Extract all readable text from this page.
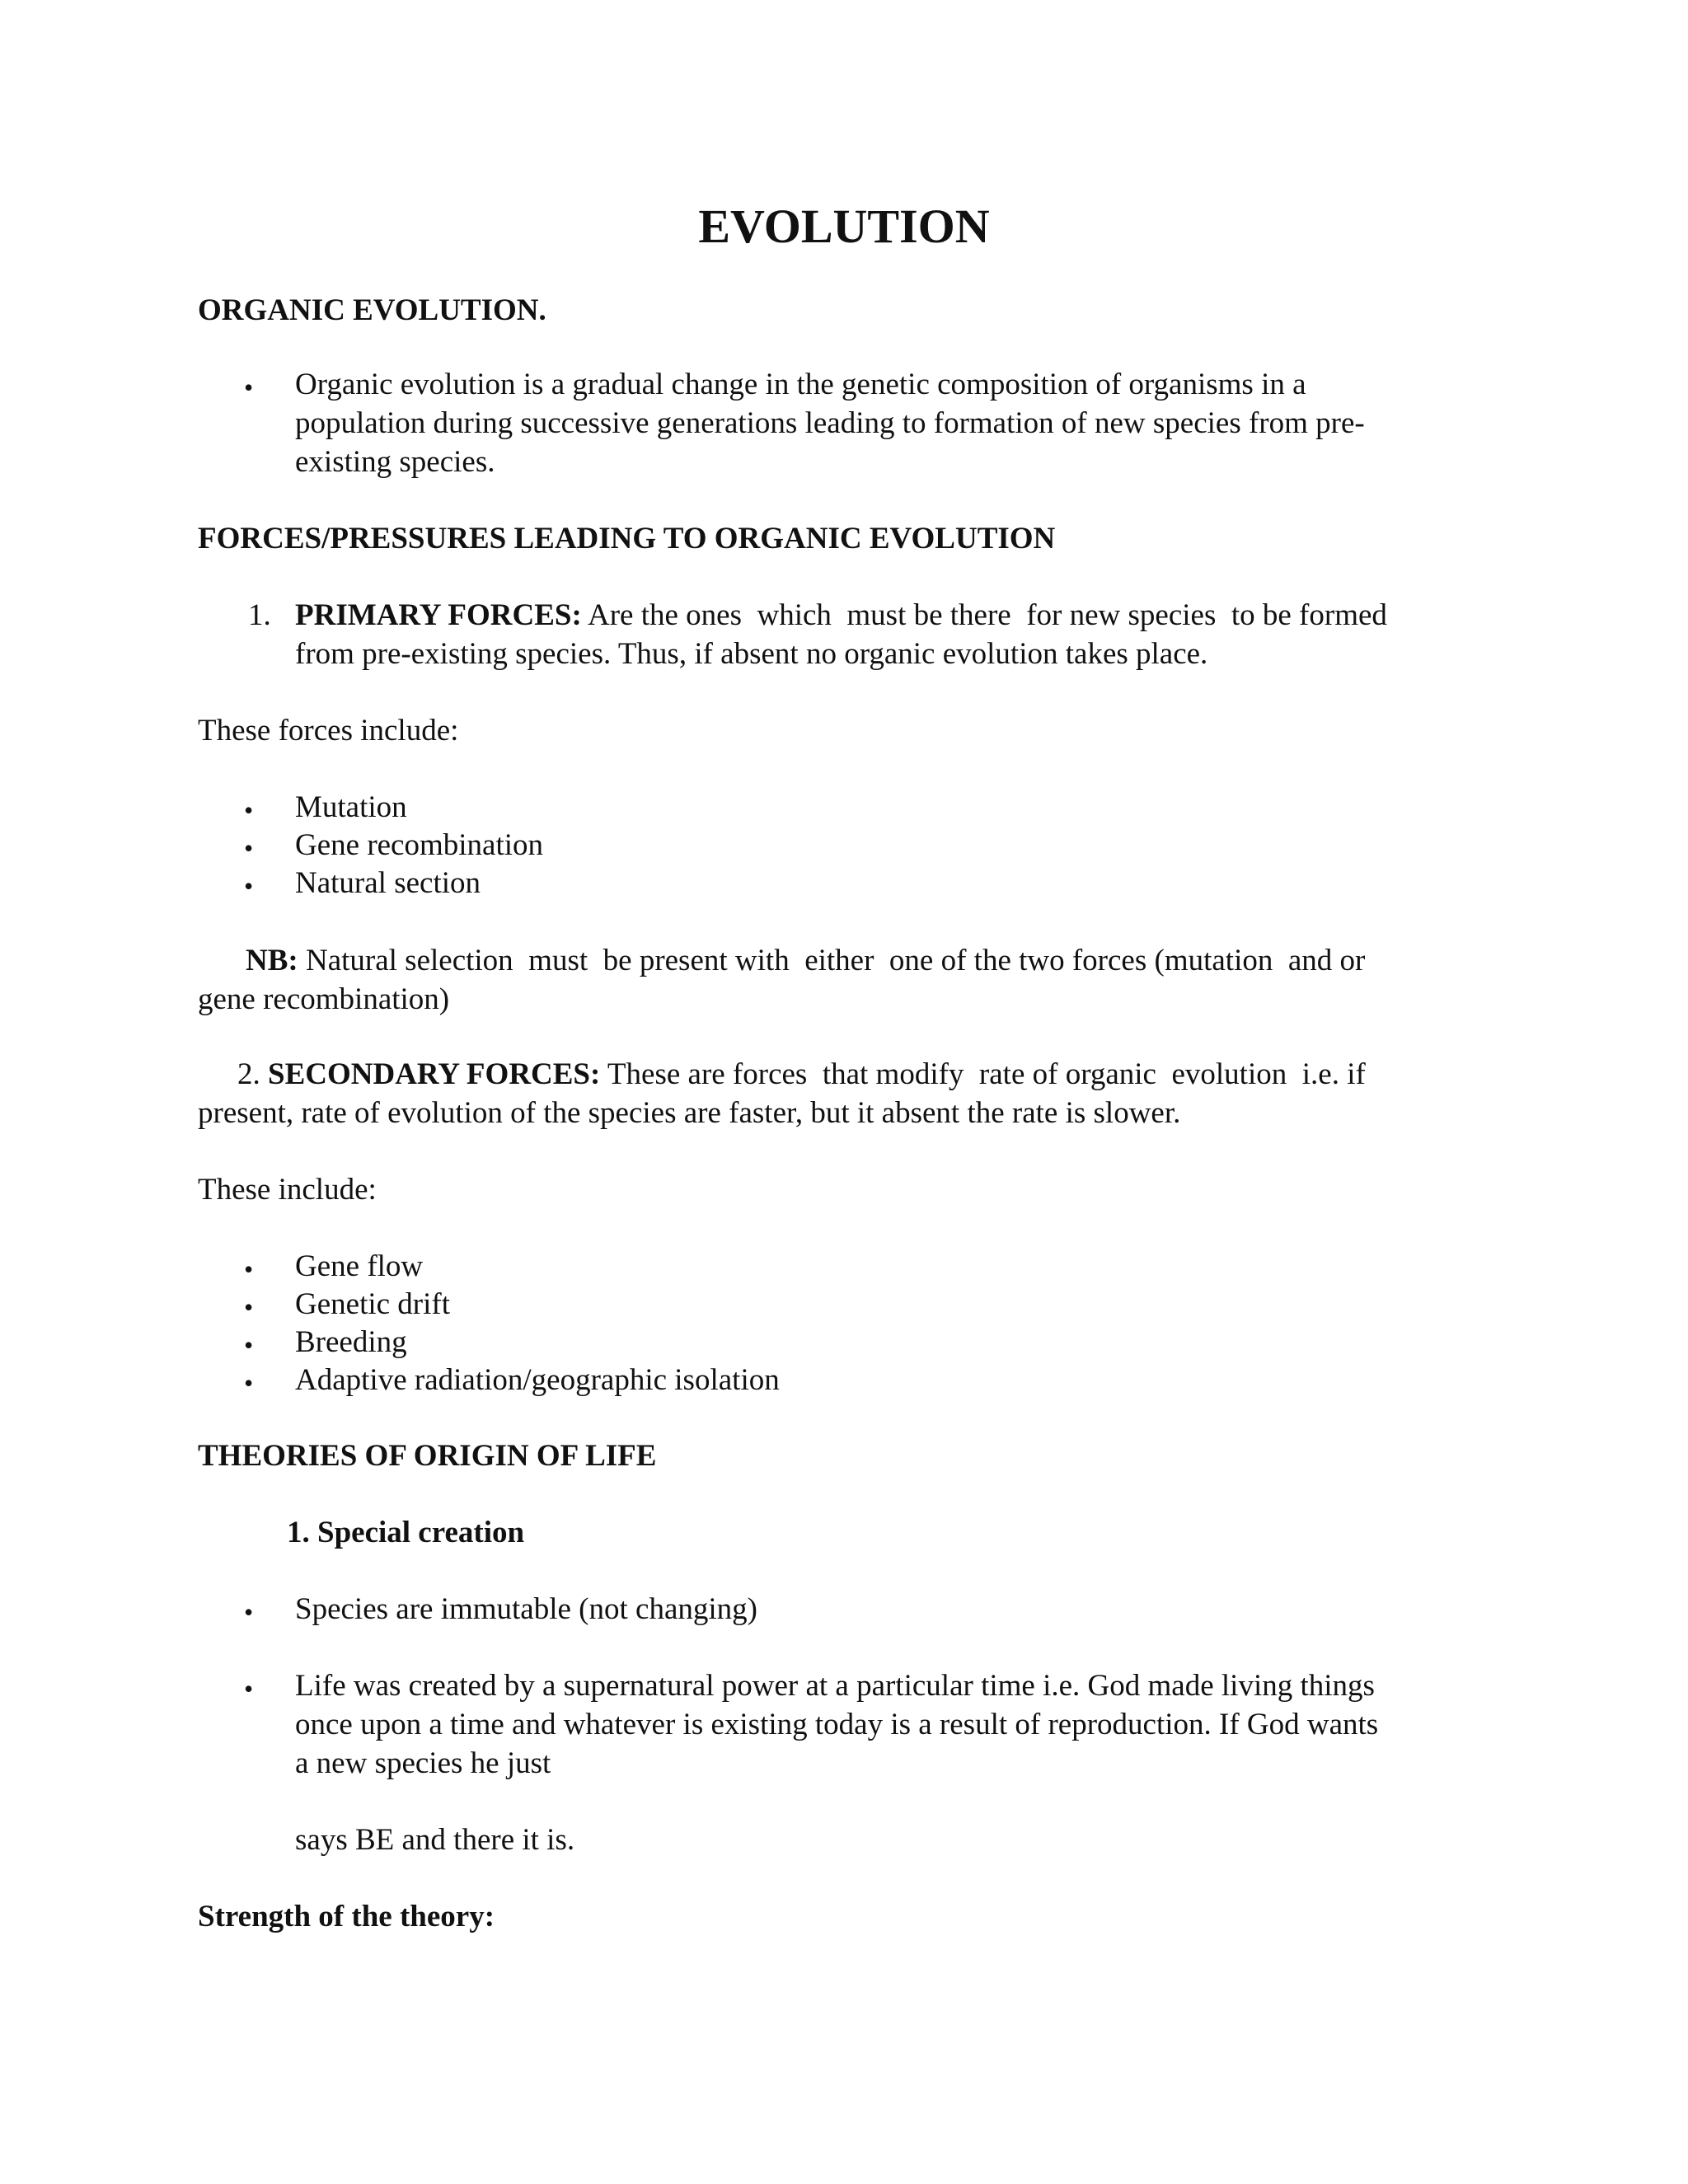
EVOLUTION
ORGANIC EVOLUTION.
• Organic evolution is a gradual change in the genetic composition of organisms in a
population during successive generations leading to formation of new species from pre-
existing species.
FORCES/PRESSURES LEADING TO ORGANIC EVOLUTION
1. PRIMARY FORCES: Are the ones  which  must be there  for new species  to be formed
from pre-existing species. Thus, if absent no organic evolution takes place.
These forces include:
• Mutation
• Gene recombination
• Natural section
NB: Natural selection  must  be present with  either  one of the two forces (mutation  and or
gene recombination)
2. SECONDARY FORCES: These are forces  that modify  rate of organic  evolution  i.e. if
present, rate of evolution of the species are faster, but it absent the rate is slower.
These include:
• Gene flow
• Genetic drift
• Breeding
• Adaptive radiation/geographic isolation
THEORIES OF ORIGIN OF LIFE
1. Special creation
• Species are immutable (not changing)
• Life was created by a supernatural power at a particular time i.e. God made living things
once upon a time and whatever is existing today is a result of reproduction. If God wants
a new species he just
says BE and there it is.
Strength of the theory:
